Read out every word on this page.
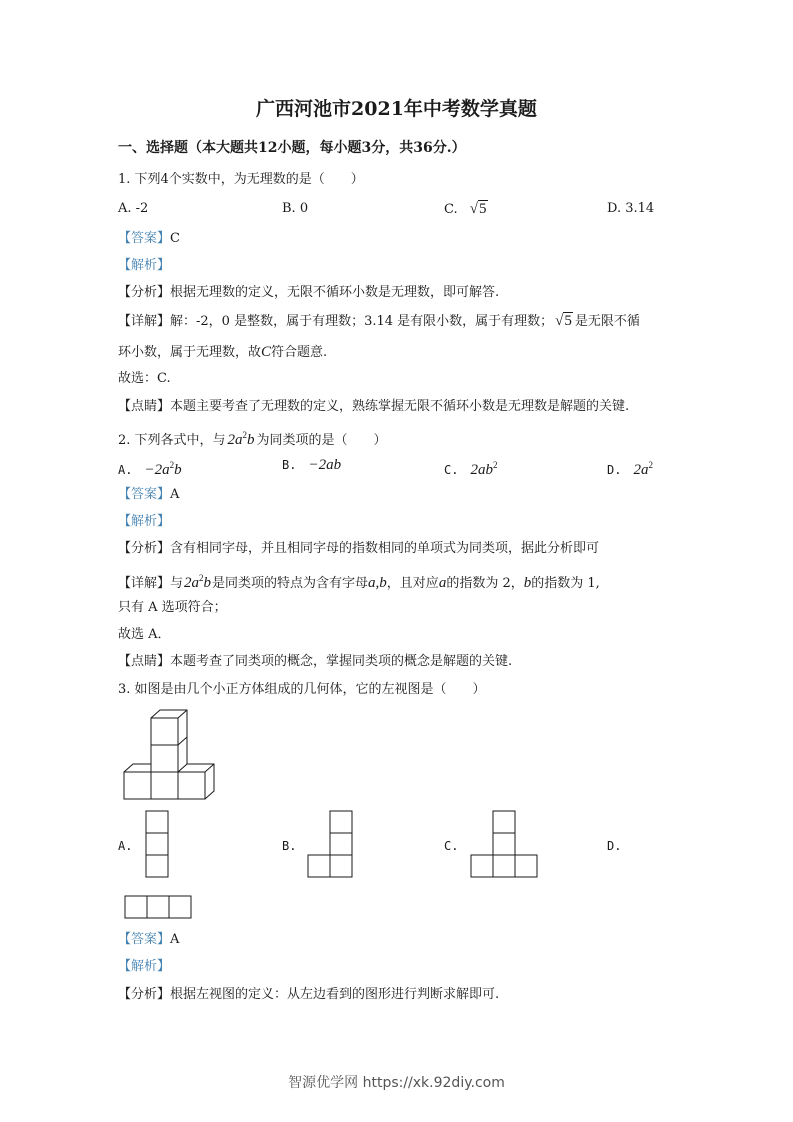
广西河池市2021年中考数学真题
一、选择题（本大题共12小题，每小题3分，共36分.）
1. 下列4个实数中，为无理数的是（　　）
A. -2	B. 0	C. √5	D. 3.14
【答案】C
【解析】
【分析】根据无理数的定义，无限不循环小数是无理数，即可解答.
【详解】解：-2，0 是整数，属于有理数；3.14 是有限小数，属于有理数； √5 是无限不循
环小数，属于无理数，故C符合题意.
故选：C.
【点睛】本题主要考查了无理数的定义，熟练掌握无限不循环小数是无理数是解题的关键.
2. 下列各式中，与 $2a^2b$ 为同类项的是（　　）
A. $-2a^2b$	B. −2ab	C. $2ab^2$	D. $2a^2$
【答案】A
【解析】
【分析】含有相同字母，并且相同字母的指数相同的单项式为同类项，据此分析即可
【详解】与$2a^2b$是同类项的特点为含有字母a,b，且对应a的指数为 2，b的指数为 1,
只有 A 选项符合；
故选 A．
【点睛】本题考查了同类项的概念，掌握同类项的概念是解题的关键.
3. 如图是由几个小正方体组成的几何体，它的左视图是（　　）
A.	B.	C.	D.
【答案】A
【解析】
【分析】根据左视图的定义：从左边看到的图形进行判断求解即可.
智源优学网 https://xk.92diy.com
